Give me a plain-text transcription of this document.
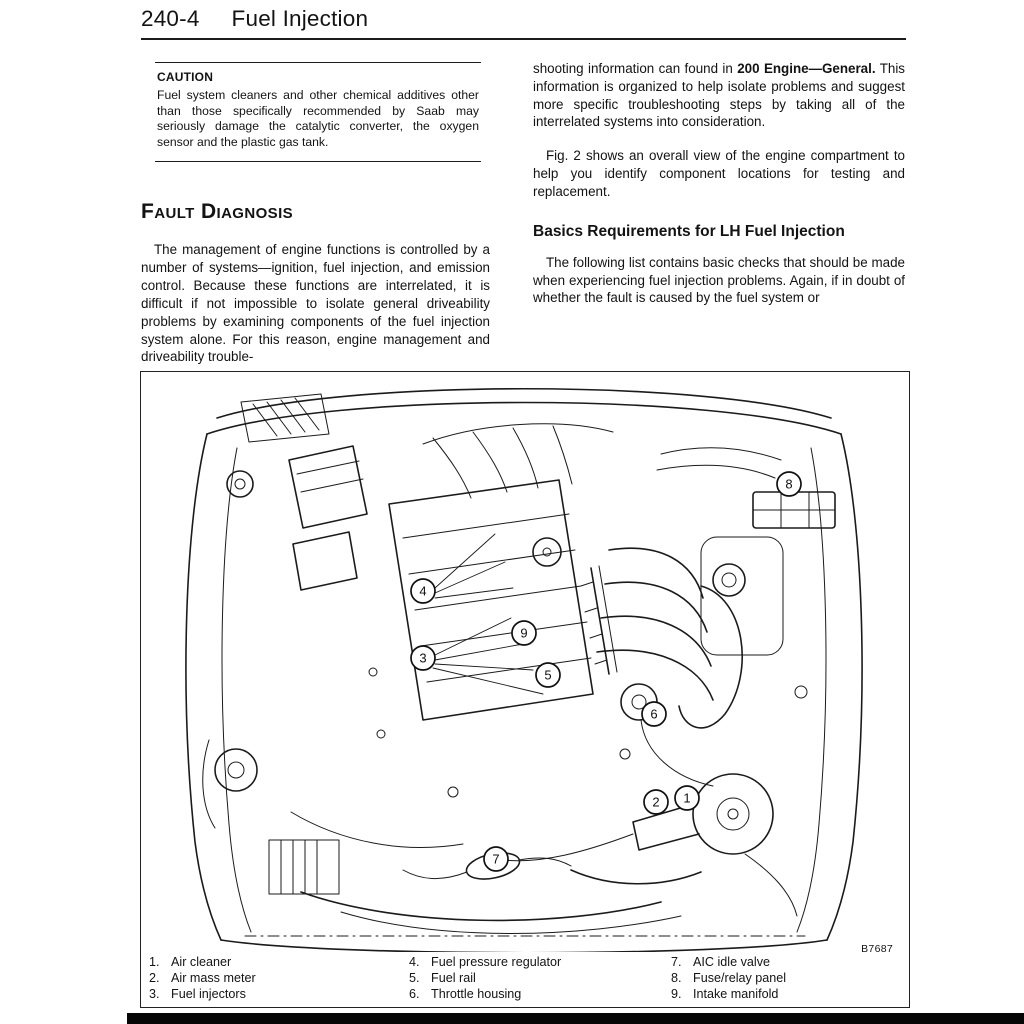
240-4 Fuel Injection
CAUTION

Fuel system cleaners and other chemical additives other than those specifically recommended by Saab may seriously damage the catalytic converter, the oxygen sensor and the plastic gas tank.

Fault Diagnosis

The management of engine functions is controlled by a number of systems—ignition, fuel injection, and emission control. Because these functions are interrelated, it is difficult if not impossible to isolate general driveability problems by examining components of the fuel injection system alone. For this reason, engine management and driveability trouble-

shooting information can found in 200 Engine—General. This information is organized to help isolate problems and suggest more specific troubleshooting steps by taking all of the interrelated systems into consideration.

Fig. 2 shows an overall view of the engine compartment to help you identify component locations for testing and replacement.

Basics Requirements for LH Fuel Injection

The following list contains basic checks that should be made when experiencing fuel injection problems. Again, if in doubt of whether the fault is caused by the fuel system or

1
2
3
4
5
6
7
8
9
B7687
1. Air cleaner
2. Air mass meter
3. Fuel injectors
4. Fuel pressure regulator
5. Fuel rail
6. Throttle housing
7. AIC idle valve
8. Fuse/relay panel
9. Intake manifold
